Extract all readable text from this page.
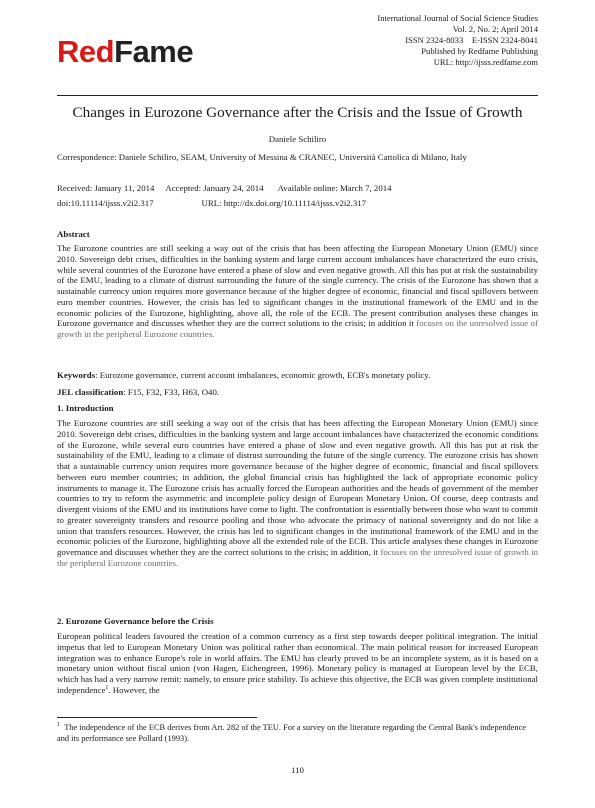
RedFame
International Journal of Social Science Studies
Vol. 2, No. 2; April 2014
ISSN 2324-8033    E-ISSN 2324-8041
Published by Redfame Publishing
URL: http://ijsss.redfame.com
Changes in Eurozone Governance after the Crisis and the Issue of Growth
Daniele Schiliro
Correspondence: Daniele Schiliro, SEAM, University of Messina & CRANEC, Università Cattolica di Milano, Italy
Received: January 11, 2014 Accepted: January 24, 2014 Available online: March 7, 2014
doi:10.11114/ijsss.v2i2.317	URL: http://dx.doi.org/10.11114/ijsss.v2i2.317
Abstract

The Eurozone countries are still seeking a way out of the crisis that has been affecting the European Monetary Union (EMU) since 2010. Sovereign debt crises, difficulties in the banking system and large current account imbalances have characterized the euro crisis, while several countries of the Eurozone have entered a phase of slow and even negative growth. All this has put at risk the sustainability of the EMU, leading to a climate of distrust surrounding the future of the single currency. The crisis of the Eurozone has shown that a sustainable currency union requires more governance because of the higher degree of economic, financial and fiscal spillovers between euro member countries. However, the crisis has led to significant changes in the institutional framework of the EMU and in the economic policies of the Eurozone, highlighting, above all, the role of the ECB. The present contribution analyses these changes in Eurozone governance and discusses whether they are the correct solutions to the crisis; in addition it focuses on the unresolved issue of growth in the peripheral Eurozone countries.

Keywords: Eurozone governance, current account imbalances, economic growth, ECB's monetary policy.
JEL classification: F15, F32, F33, H63, O40.
1. Introduction

The Eurozone countries are still seeking a way out of the crisis that has been affecting the European Monetary Union (EMU) since 2010. Sovereign debt crises, difficulties in the banking system and large account imbalances have characterized the economic conditions of the Eurozone, while several euro countries have entered a phase of slow and even negative growth. All this has put at risk the sustainability of the EMU, leading to a climate of distrust surrounding the future of the single currency. The eurozone crisis has shown that a sustainable currency union requires more governance because of the higher degree of economic, financial and fiscal spillovers between euro member countries; in addition, the global financial crisis has highlighted the lack of appropriate economic policy instruments to manage it. The Eurozone crisis has actually forced the European authorities and the heads of government of the member countries to try to reform the asymmetric and incomplete policy design of European Monetary Union. Of course, deep contrasts and divergent visions of the EMU and its institutions have come to light. The confrontation is essentially between those who want to commit to greater sovereignty transfers and resource pooling and those who advocate the primacy of national sovereignty and do not like a union that transfers resources. However, the crisis has led to significant changes in the institutional framework of the EMU and in the economic policies of the Eurozone, highlighting above all the extended role of the ECB. This article analyses these changes in Eurozone governance and discusses whether they are the correct solutions to the crisis; in addition, it focuses on the unresolved issue of growth in the peripheral Eurozone countries.

2. Eurozone Governance before the Crisis

European political leaders favoured the creation of a common currency as a first step towards deeper political integration. The initial impetus that led to European Monetary Union was political rather than economical. The main political reason for increased European integration was to enhance Europe's role in world affairs. The EMU has clearly proved to be an incomplete system, as it is based on a monetary union without fiscal union (von Hagen, Eichengreen, 1996). Monetary policy is managed at European level by the ECB, which has had a very narrow remit: namely, to ensure price stability. To achieve this objective, the ECB was given complete institutional independence$^1$. However, the

$^1$ The independence of the ECB derives from Art. 282 of the TEU. For a survey on the literature regarding the Central Bank's independence and its performance see Pollard (1993).
110
